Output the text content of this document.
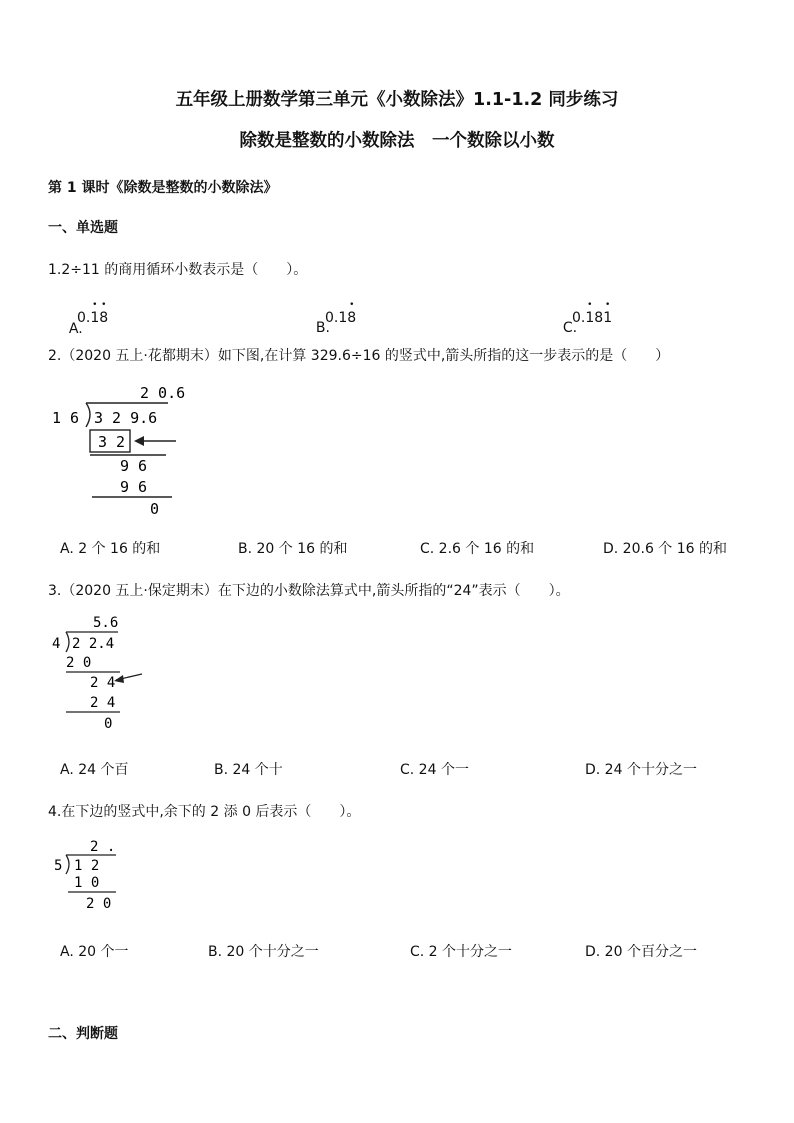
五年级上册数学第三单元《小数除法》1.1-1.2 同步练习
除数是整数的小数除法　一个数除以小数
第 1 课时《除数是整数的小数除法》
一、单选题
1.2÷11 的商用循环小数表示是（　　）。

A.

0.• 1• 8

B.

0.1• 8

C.

0.• 18• 1
2.（2020 五上·花都期末）如下图,在计算 329.6÷16 的竖式中,箭头所指的这一步表示的是（　　）
2 0.6
1 6 3 2 9.6
3 2
9 6
9 6
0
A. 2 个 16 的和	B. 20 个 16 的和	C. 2.6 个 16 的和	D. 20.6 个 16 的和
3.（2020 五上·保定期末）在下边的小数除法算式中,箭头所指的“24”表示（　　）。
5.6
4 2 2.4
2 0
2 4
2 4
0
A. 24 个百	B. 24 个十	C. 24 个一	D. 24 个十分之一
4.在下边的竖式中,余下的 2 添 0 后表示（　　）。
2 .
5 1 2
1 0
2 0
A. 20 个一	B. 20 个十分之一	C. 2 个十分之一	D. 20 个百分之一
二、判断题
